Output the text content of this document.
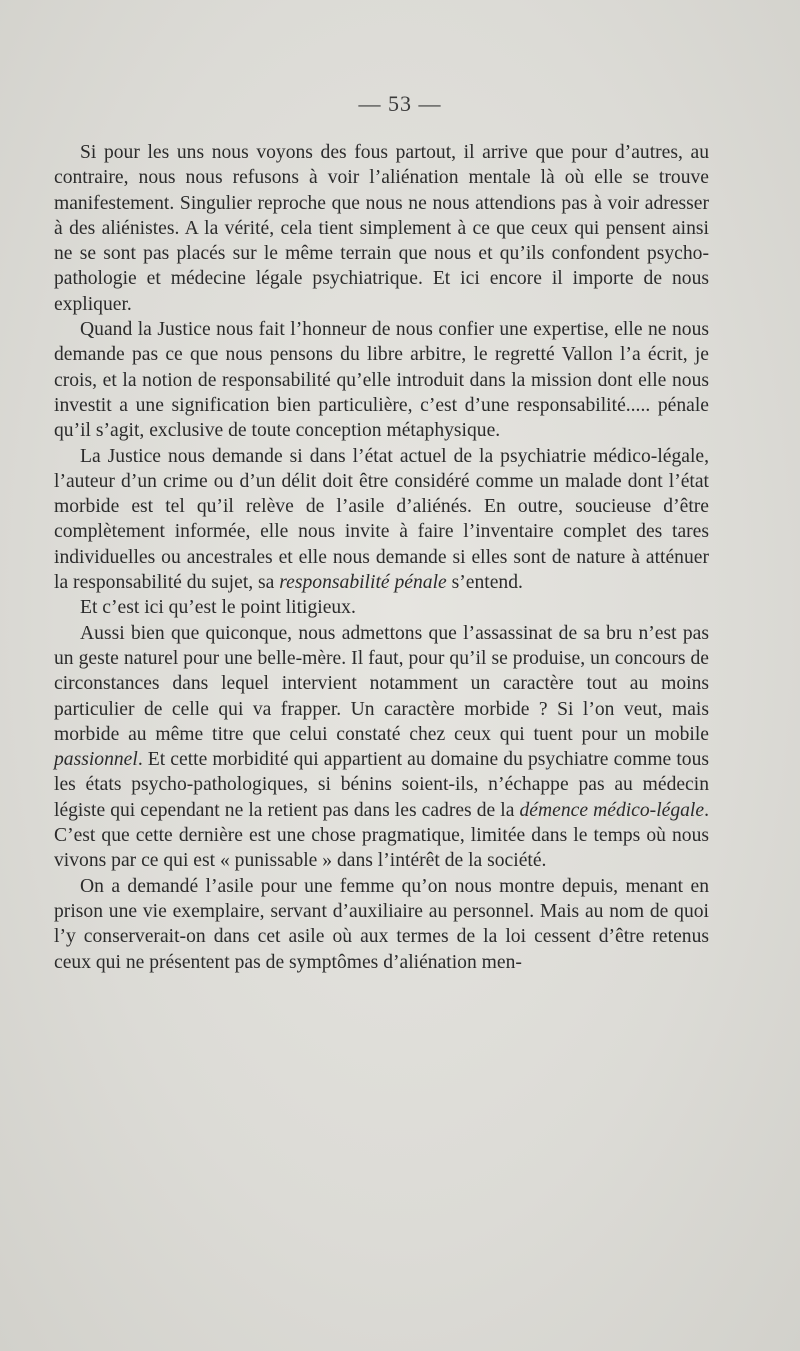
— 53 —

Si pour les uns nous voyons des fous partout, il arrive que pour d’autres, au contraire, nous nous refusons à voir l’aliénation mentale là où elle se trouve manifestement. Singulier reproche que nous ne nous attendions pas à voir adresser à des aliénistes. A la vérité, cela tient simplement à ce que ceux qui pensent ainsi ne se sont pas placés sur le même terrain que nous et qu’ils confondent psycho-pathologie et médecine légale psychiatrique. Et ici encore il importe de nous expliquer.

Quand la Justice nous fait l’honneur de nous confier une expertise, elle ne nous demande pas ce que nous pensons du libre arbitre, le regretté Vallon l’a écrit, je crois, et la notion de responsabilité qu’elle introduit dans la mission dont elle nous investit a une signification bien particulière, c’est d’une responsabilité..... pénale qu’il s’agit, exclusive de toute conception métaphysique.

La Justice nous demande si dans l’état actuel de la psychiatrie médico-légale, l’auteur d’un crime ou d’un délit doit être considéré comme un malade dont l’état morbide est tel qu’il relève de l’asile d’aliénés. En outre, soucieuse d’être complètement informée, elle nous invite à faire l’inventaire complet des tares individuelles ou ancestrales et elle nous demande si elles sont de nature à atténuer la responsabilité du sujet, sa responsabilité pénale s’entend.

Et c’est ici qu’est le point litigieux.

Aussi bien que quiconque, nous admettons que l’assassinat de sa bru n’est pas un geste naturel pour une belle-mère. Il faut, pour qu’il se produise, un concours de circonstances dans lequel intervient notamment un caractère tout au moins particulier de celle qui va frapper. Un caractère morbide ? Si l’on veut, mais morbide au même titre que celui constaté chez ceux qui tuent pour un mobile passionnel. Et cette morbidité qui appartient au domaine du psychiatre comme tous les états psycho-pathologiques, si bénins soient-ils, n’échappe pas au médecin légiste qui cependant ne la retient pas dans les cadres de la démence médico-légale. C’est que cette dernière est une chose pragmatique, limitée dans le temps où nous vivons par ce qui est « punissable » dans l’intérêt de la société.

On a demandé l’asile pour une femme qu’on nous montre depuis, menant en prison une vie exemplaire, servant d’auxiliaire au personnel. Mais au nom de quoi l’y conserverait-on dans cet asile où aux termes de la loi cessent d’être retenus ceux qui ne présentent pas de symptômes d’aliénation men-
